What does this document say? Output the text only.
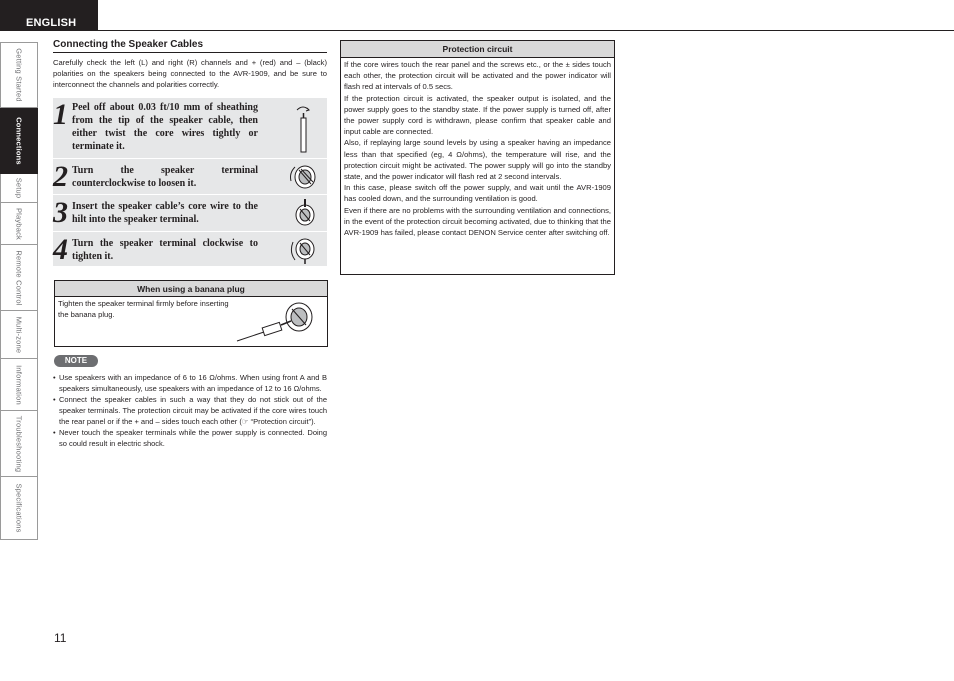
ENGLISH
Getting Started
Connections
Setup
Playback
Remote Control
Multi-zone
Information
Troubleshooting
Specifications
Connecting the Speaker Cables

Carefully check the left (L) and right (R) channels and + (red) and – (black) polarities on the speakers being connected to the AVR-1909, and be sure to interconnect the channels and polarities correctly.

1 Peel off about 0.03 ft/10 mm of sheathing from the tip of the speaker cable, then either twist the core wires tightly or terminate it.

2 Turn the speaker terminal counterclockwise to loosen it.

3 Insert the speaker cable’s core wire to the hilt into the speaker terminal.

4 Turn the speaker terminal clockwise to tighten it.

When using a banana plug

Tighten the speaker terminal firmly before inserting the banana plug.

NOTE
• Use speakers with an impedance of 6 to 16 Ω/ohms. When using front A and B speakers simultaneously, use speakers with an impedance of 12 to 16 Ω/ohms.
• Connect the speaker cables in such a way that they do not stick out of the speaker terminals. The protection circuit may be activated if the core wires touch the rear panel or if the + and – sides touch each other (☞ “Protection circuit”).
• Never touch the speaker terminals while the power supply is connected. Doing so could result in electric shock.
Protection circuit

If the core wires touch the rear panel and the screws etc., or the ± sides touch each other, the protection circuit will be activated and the power indicator will flash red at intervals of 0.5 secs.

If the protection circuit is activated, the speaker output is isolated, and the power supply goes to the standby state. If the power supply is turned off, after the power supply cord is withdrawn, please confirm that speaker cable and input cable are connected.

Also, if replaying large sound levels by using a speaker having an impedance less than that specified (eg, 4 Ω/ohms), the temperature will rise, and the protection circuit might be activated. The power supply will go into the standby state, and the power indicator will flash red at 2 second intervals.

In this case, please switch off the power supply, and wait until the AVR-1909 has cooled down, and the surrounding ventilation is good.

Even if there are no problems with the surrounding ventilation and connections, in the event of the protection circuit becoming activated, due to thinking that the AVR-1909 has failed, please contact DENON Service center after switching off.

11
